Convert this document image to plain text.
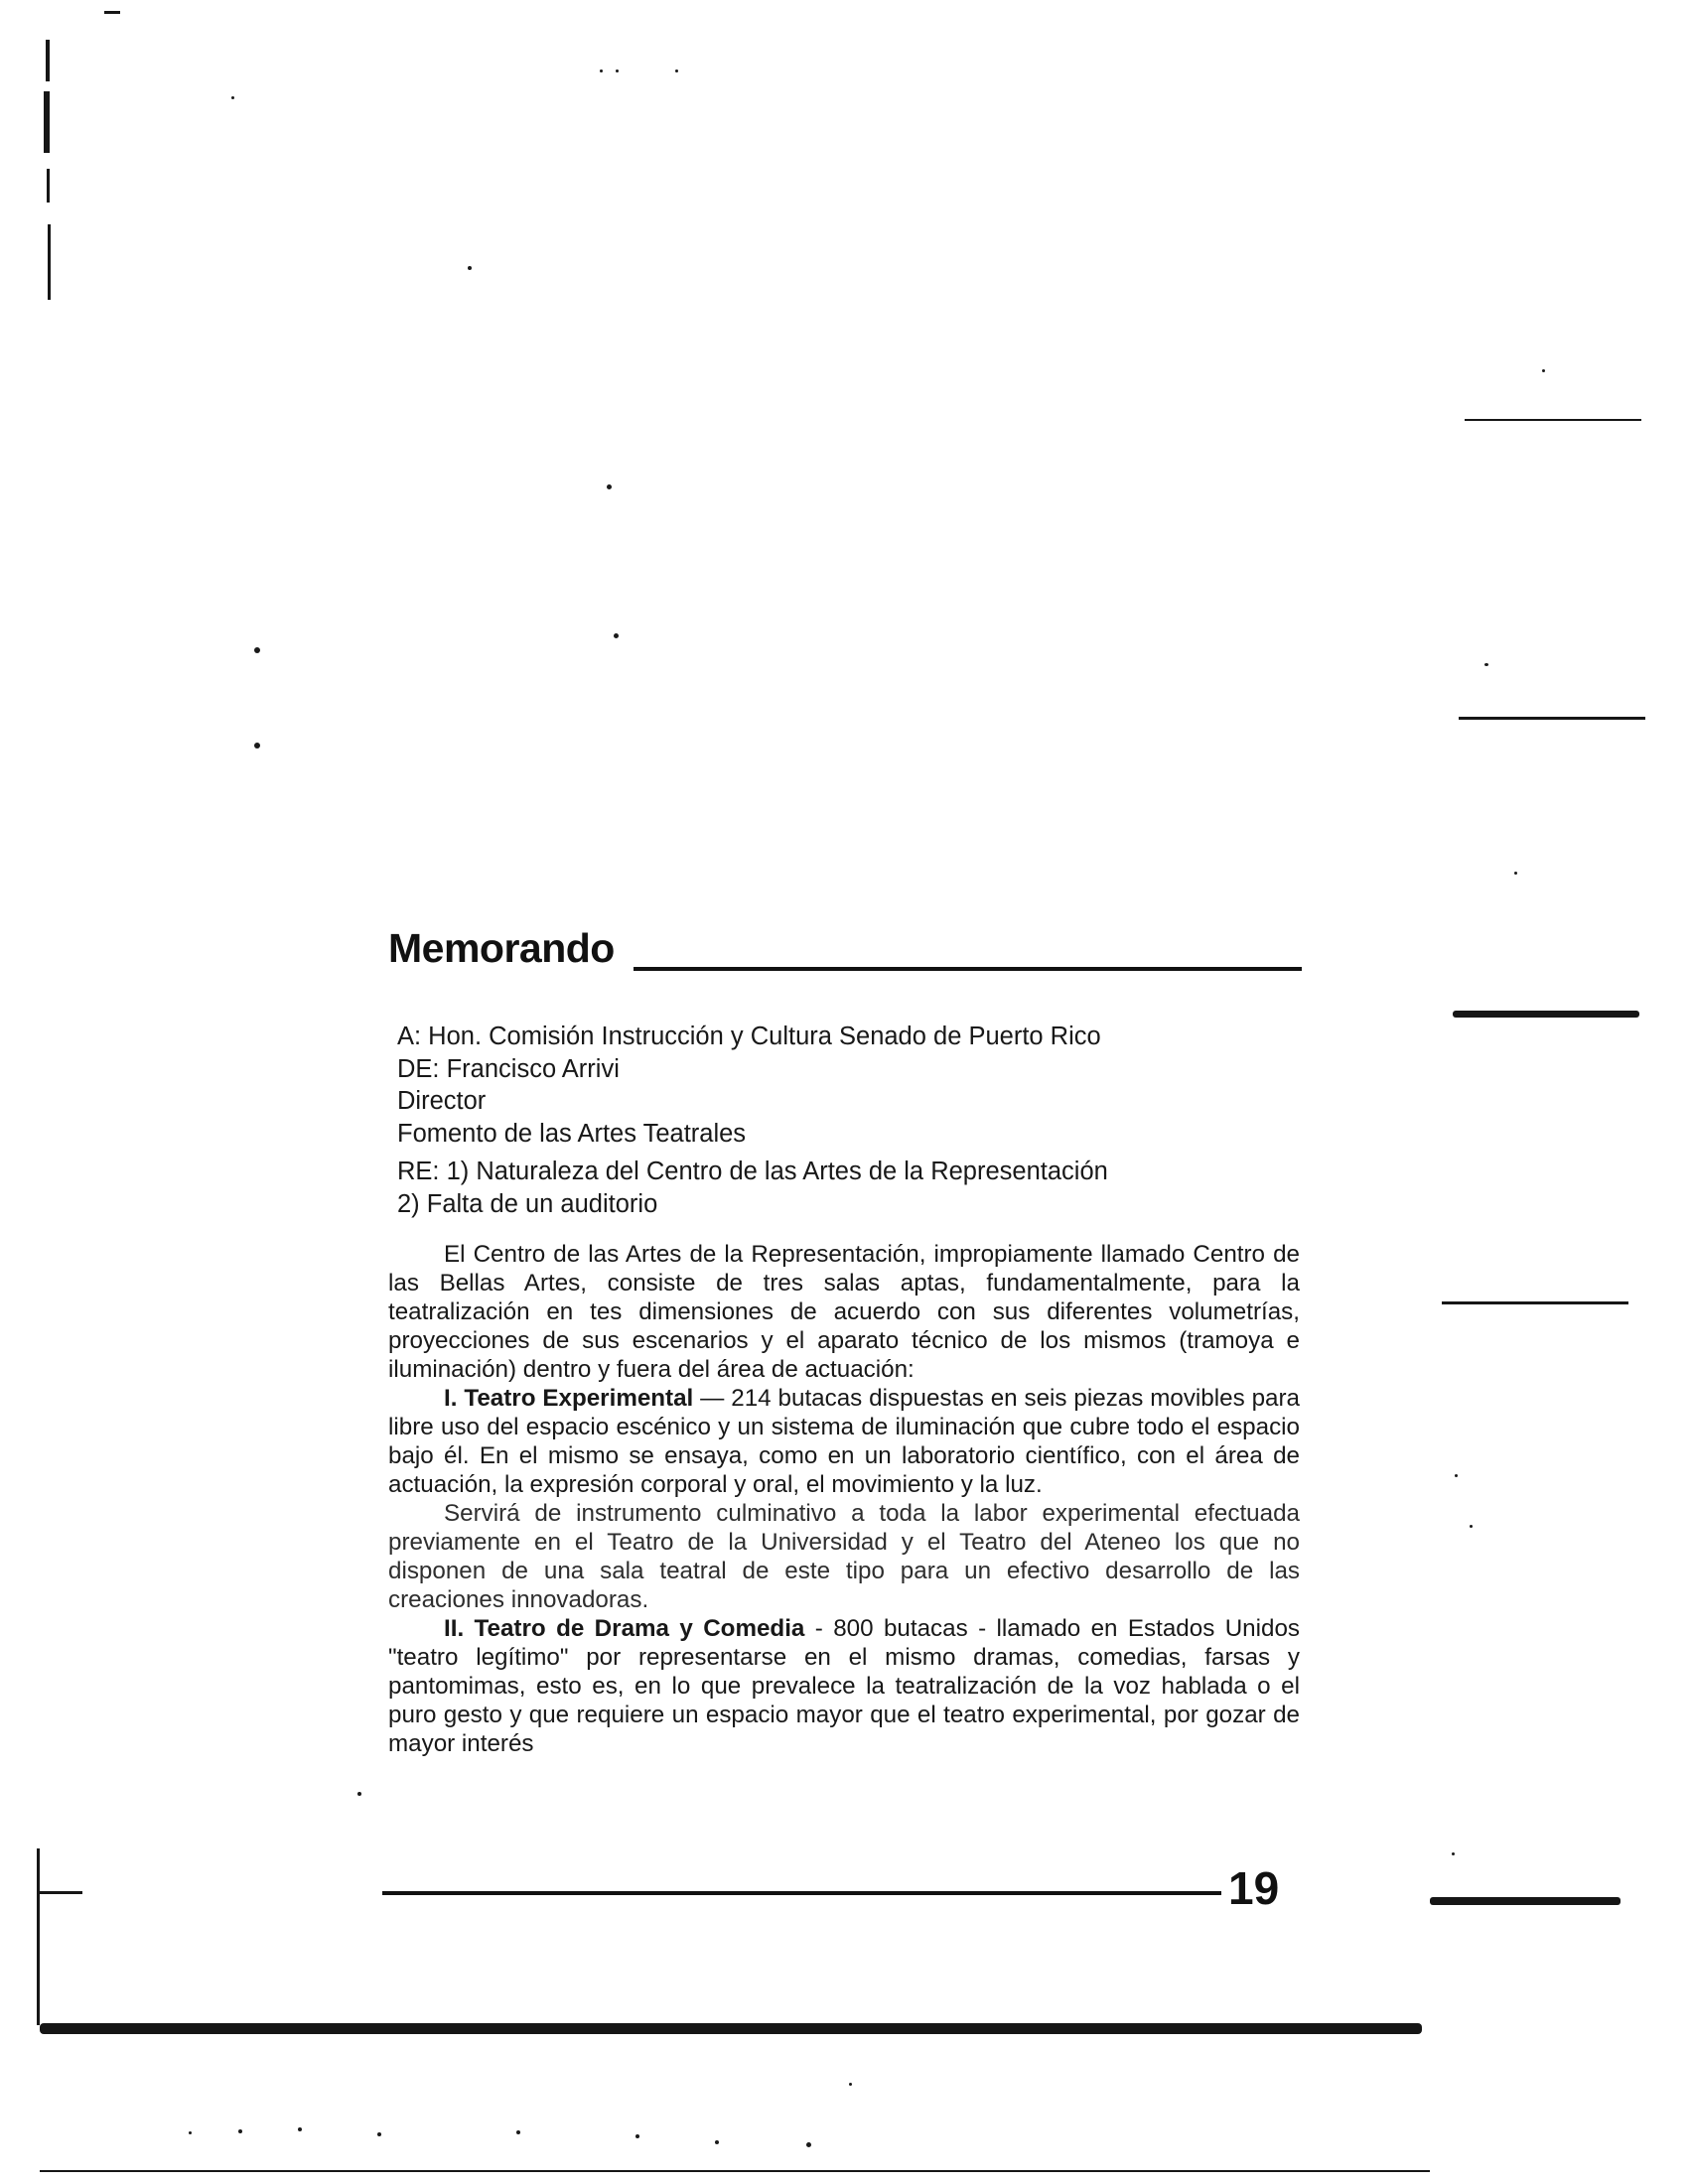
Memorando
A: Hon. Comisión Instrucción y Cultura Senado de Puerto Rico
DE: Francisco Arrivi
Director
Fomento de las Artes Teatrales
RE: 1) Naturaleza del Centro de las Artes de la Representación
2) Falta de un auditorio

El Centro de las Artes de la Representación, impropiamente llamado Centro de las Bellas Artes, consiste de tres salas aptas, fundamentalmente, para la teatralización en tes dimensiones de acuerdo con sus diferentes volumetrías, proyecciones de sus escenarios y el aparato técnico de los mismos (tramoya e iluminación) dentro y fuera del área de actuación:

I. Teatro Experimental — 214 butacas dispuestas en seis piezas movibles para libre uso del espacio escénico y un sistema de iluminación que cubre todo el espacio bajo él. En el mismo se ensaya, como en un laboratorio científico, con el área de actuación, la expresión corporal y oral, el movimiento y la luz.

Servirá de instrumento culminativo a toda la labor experimental efectuada previamente en el Teatro de la Universidad y el Teatro del Ateneo los que no disponen de una sala teatral de este tipo para un efectivo desarrollo de las creaciones innovadoras.

II. Teatro de Drama y Comedia - 800 butacas - llamado en Estados Unidos "teatro legítimo" por representarse en el mismo dramas, comedias, farsas y pantomimas, esto es, en lo que prevalece la teatralización de la voz hablada o el puro gesto y que requiere un espacio mayor que el teatro experimental, por gozar de mayor interés

19
